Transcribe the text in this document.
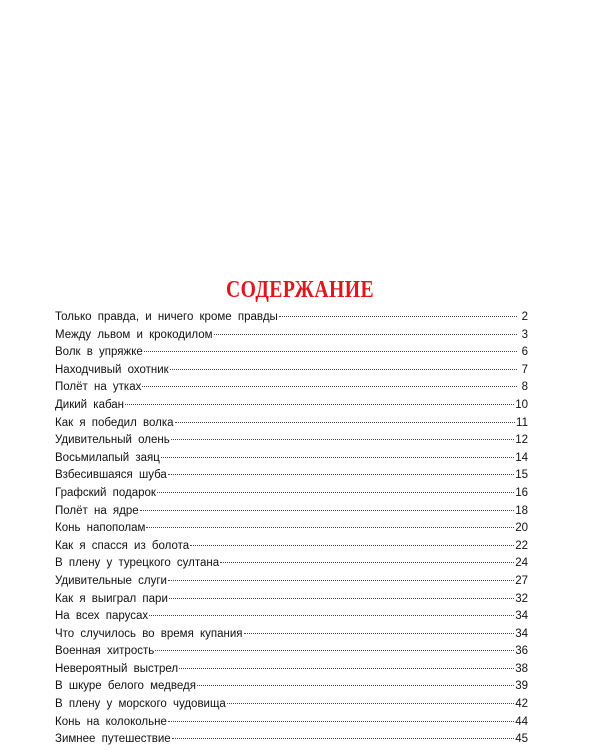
СОДЕРЖАНИЕ
Только правда, и ничего кроме правды	2
Между львом и крокодилом	3
Волк в упряжке	6
Находчивый охотник	7
Полёт на утках	8
Дикий кабан	10
Как я победил волка	11
Удивительный олень	12
Восьмилапый заяц	14
Взбесившаяся шуба	15
Графский подарок	16
Полёт на ядре	18
Конь напополам	20
Как я спасся из болота	22
В плену у турецкого султана	24
Удивительные слуги	27
Как я выиграл пари	32
На всех парусах	34
Что случилось во время купания	34
Военная хитрость	36
Невероятный выстрел	38
В шкуре белого медведя	39
В плену у морского чудовища	42
Конь на колокольне	44
Зимнее путешествие	45
